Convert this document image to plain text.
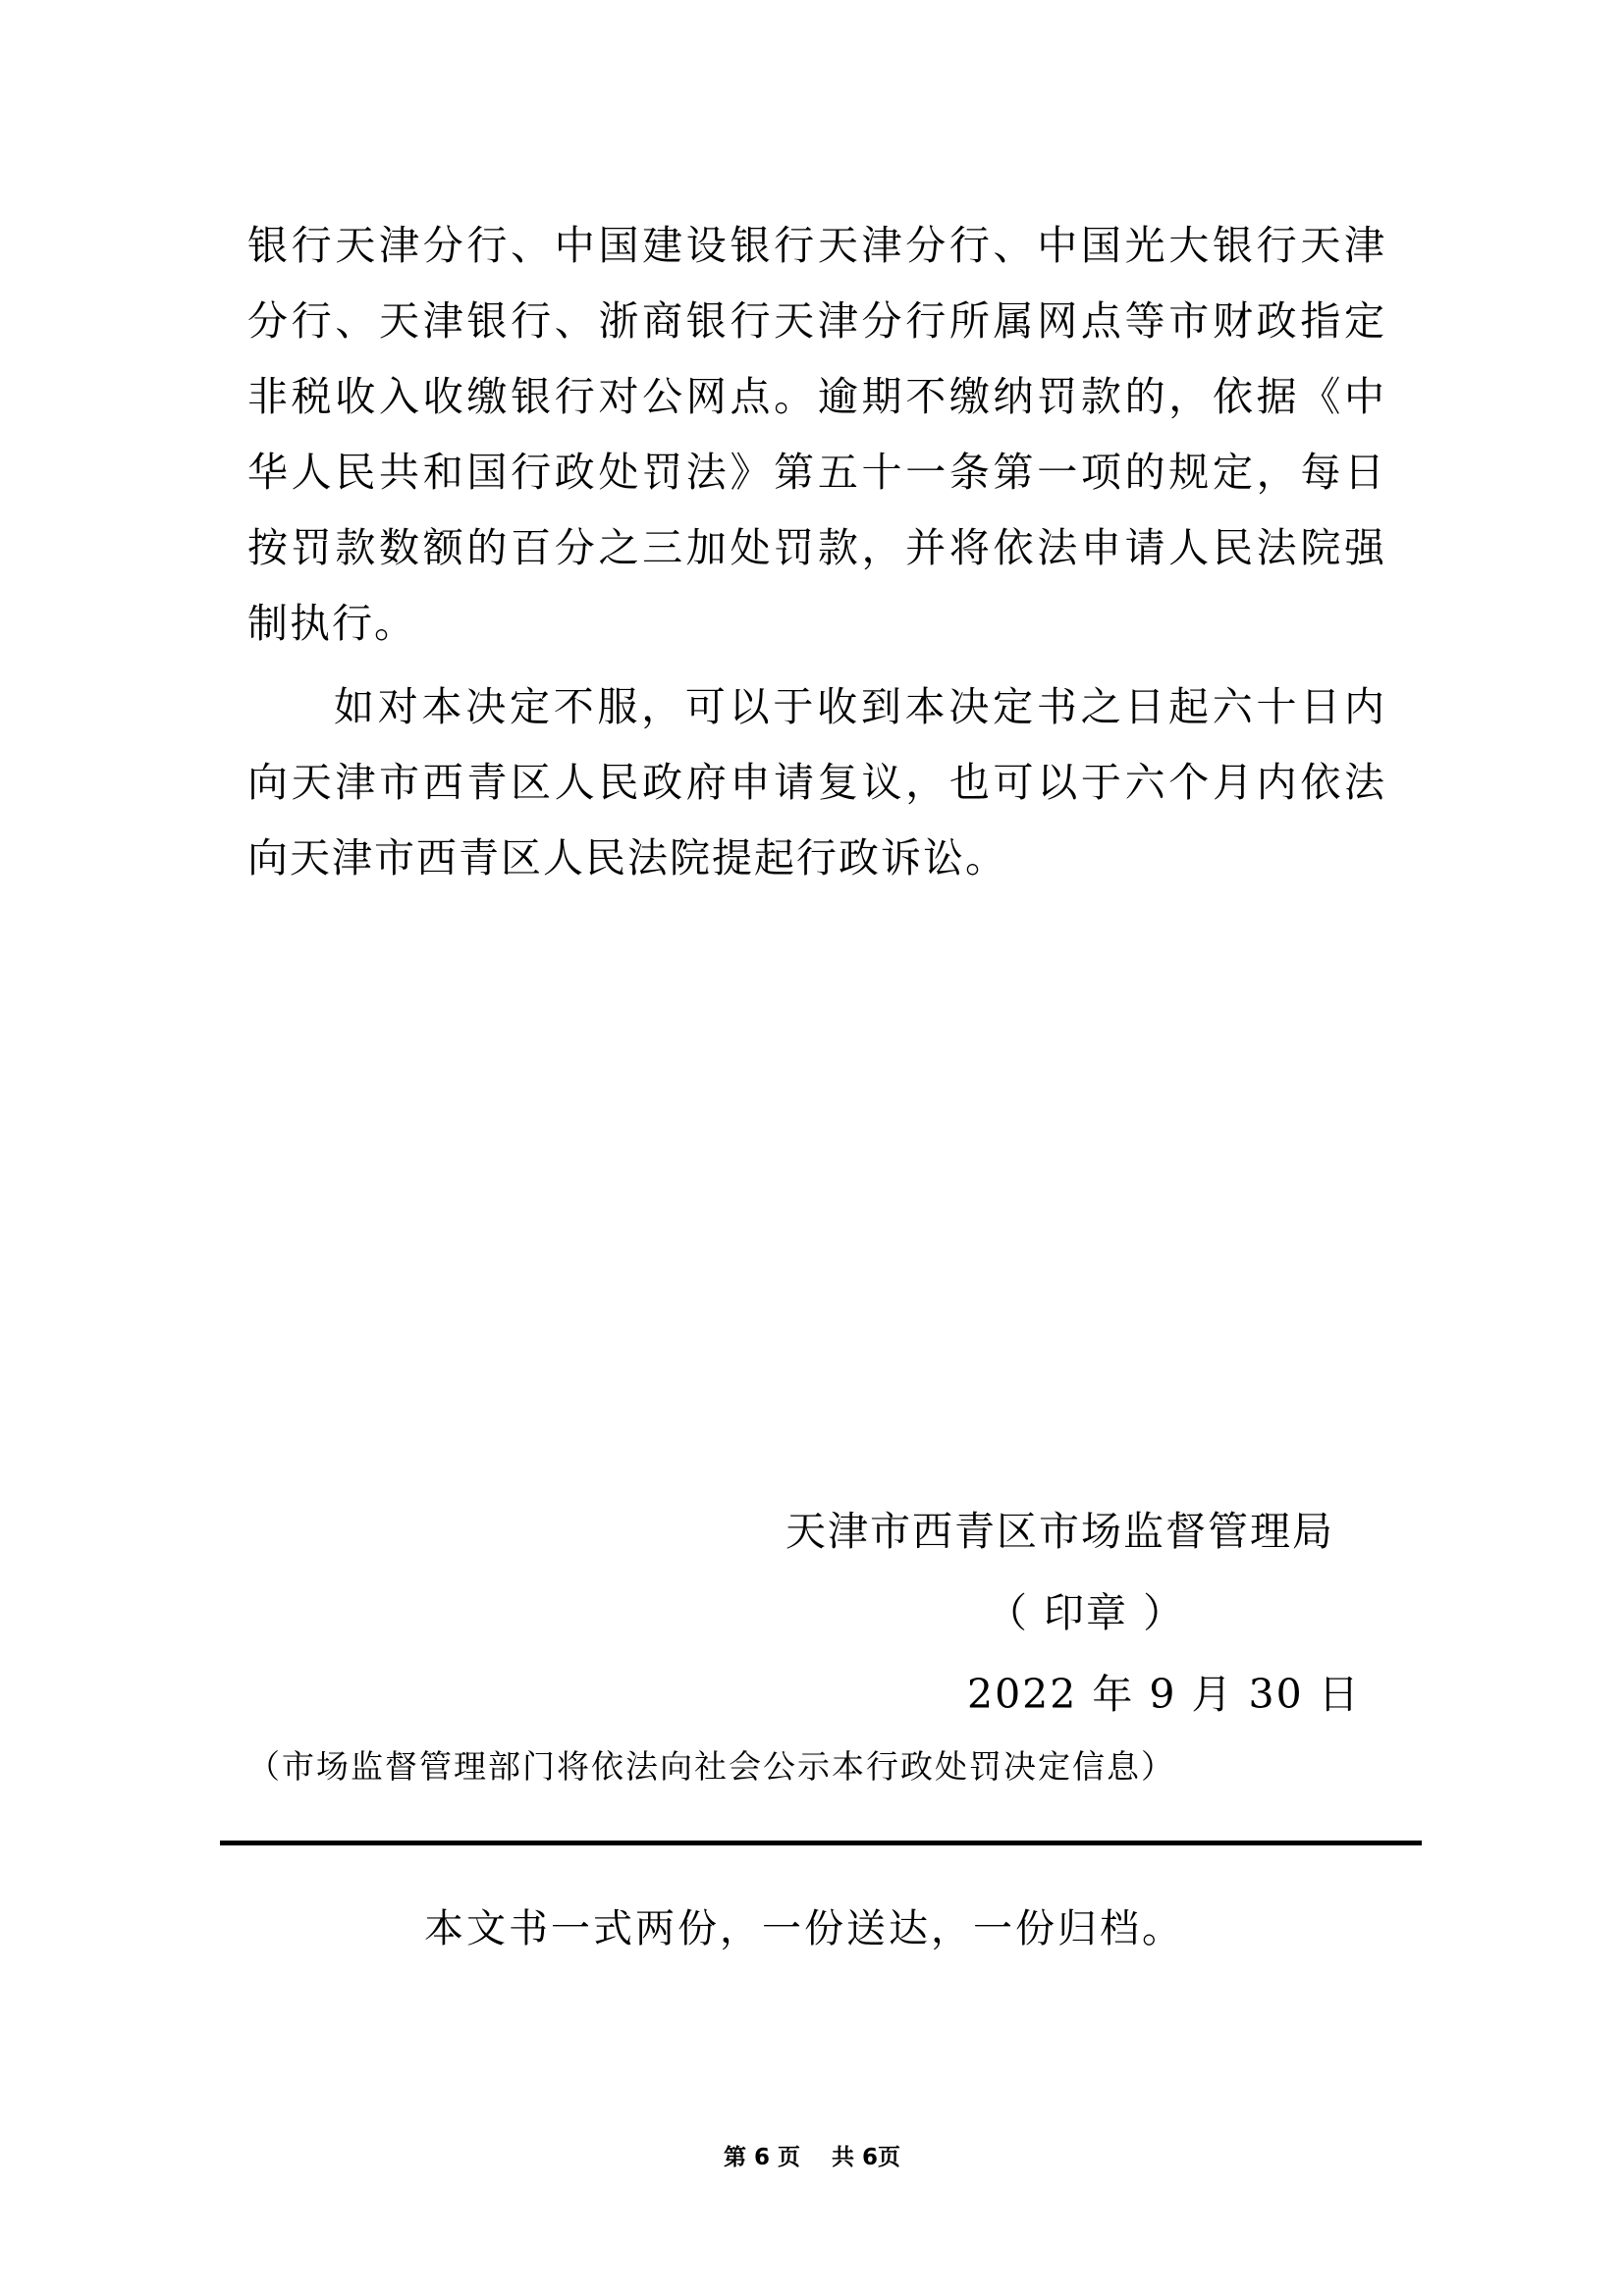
银行天津分行、中国建设银行天津分行、中国光大银行天津
分行、天津银行、浙商银行天津分行所属网点等市财政指定
非税收入收缴银行对公网点。逾期不缴纳罚款的，依据《中
华人民共和国行政处罚法》第五十一条第一项的规定，每日
按罚款数额的百分之三加处罚款，并将依法申请人民法院强
制执行。
如对本决定不服，可以于收到本决定书之日起六十日内
向天津市西青区人民政府申请复议，也可以于六个月内依法
向天津市西青区人民法院提起行政诉讼。
天津市西青区市场监督管理局
（ 印章 ）
2022 年 9 月 30 日
（市场监督管理部门将依法向社会公示本行政处罚决定信息）
本文书一式两份，一份送达，一份归档。
第 6 页    共 6页
